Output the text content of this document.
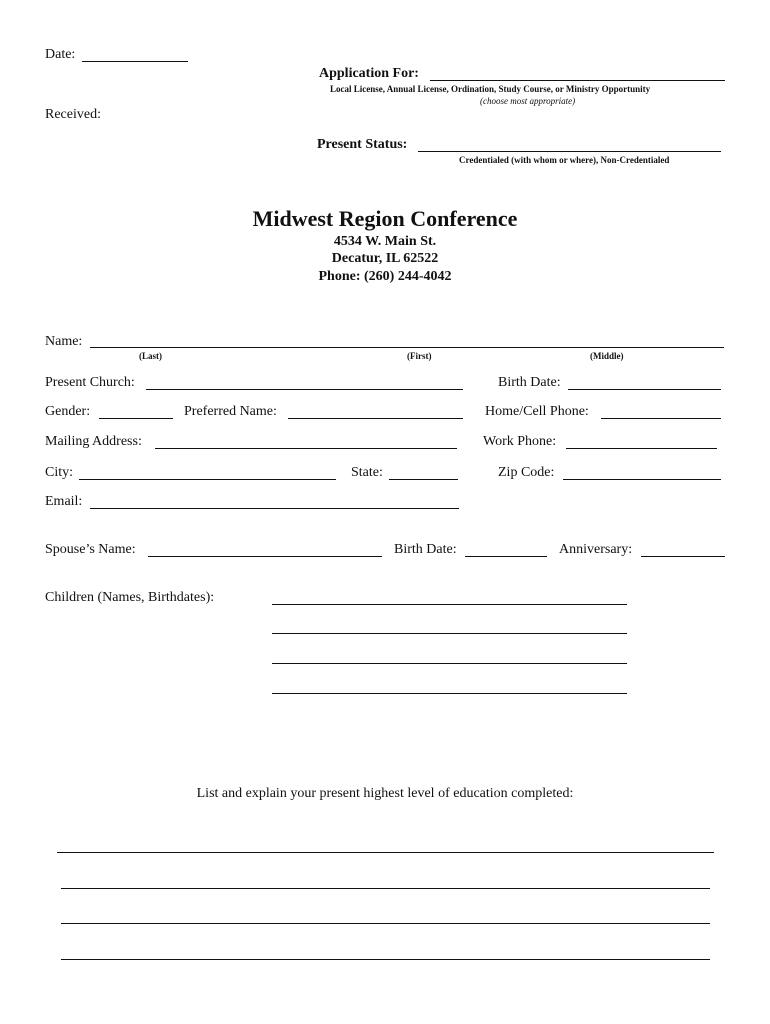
Date:
Received:
Application For:
Local License, Annual License, Ordination, Study Course, or Ministry Opportunity
(choose most appropriate)
Present Status:
Credentialed (with whom or where), Non-Credentialed
Midwest Region Conference
4534 W. Main St.
Decatur, IL 62522
Phone: (260) 244-4042
Name:
(Last)	(First)	(Middle)
Present Church:	Birth Date:
Gender:	Preferred Name:	Home/Cell Phone:
Mailing Address:	Work Phone:
City:	State:	Zip Code:
Email:
Spouse’s Name:	Birth Date:	Anniversary:
Children (Names, Birthdates):
List and explain your present highest level of education completed:
